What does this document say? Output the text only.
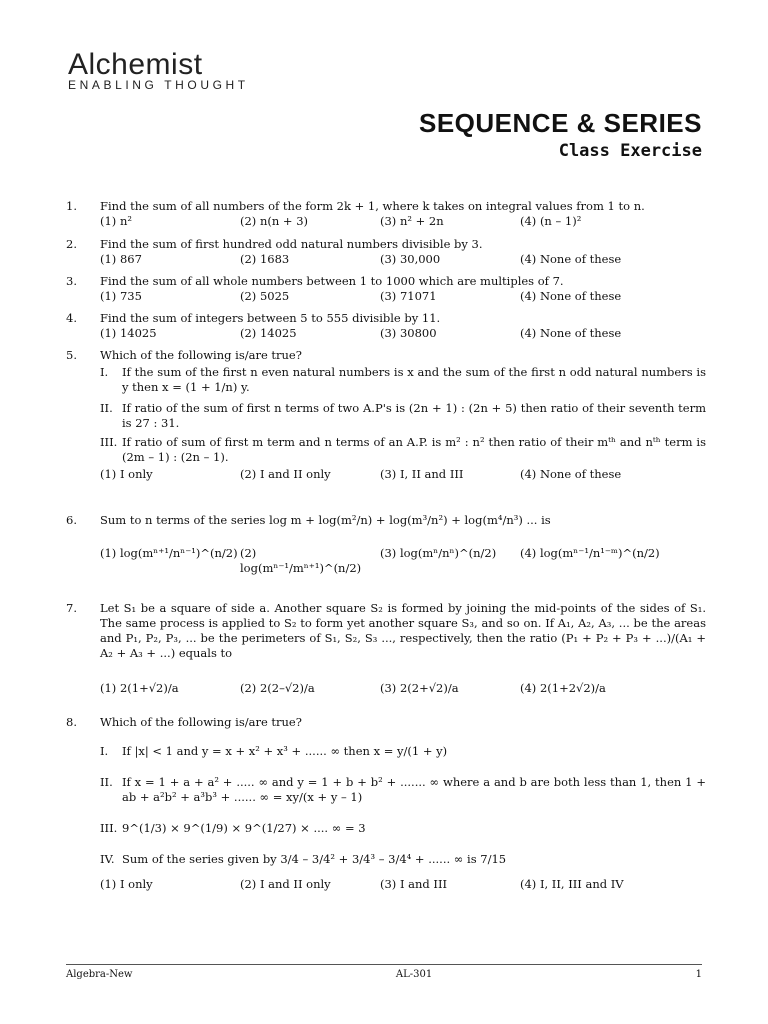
Alchemist
ENABLING THOUGHT
SEQUENCE & SERIES
Class Exercise
1. Find the sum of all numbers of the form 2k + 1, where k takes on integral values from 1 to n.
(1) n²	(2) n(n + 3)	(3) n² + 2n	(4) (n – 1)²
2. Find the sum of first hundred odd natural numbers divisible by 3.
(1) 867	(2) 1683	(3) 30,000	(4) None of these
3. Find the sum of all whole numbers between 1 to 1000 which are multiples of 7.
(1) 735	(2) 5025	(3) 71071	(4) None of these
4. Find the sum of integers between 5 to 555 divisible by 11.
(1) 14025	(2) 14025	(3) 30800	(4) None of these
5. Which of the following is/are true?
I. If the sum of the first n even natural numbers is x and the sum of the first n odd natural numbers is y then x = (1 + 1/n) y.
II. If ratio of the sum of first n terms of two A.P's is (2n + 1) : (2n + 5) then ratio of their seventh term is 27 : 31.
III. If ratio of sum of first m term and n terms of an A.P. is m² : n² then ratio of their mᵗʰ and nᵗʰ term is (2m – 1) : (2n – 1).
(1) I only	(2) I and II only	(3) I, II and III	(4) None of these
6. Sum to n terms of the series log m + log(m²/n) + log(m³/n²) + log(m⁴/n³) ... is
(1) log(mⁿ⁺¹/nⁿ⁻¹)^(n/2) (2) log(mⁿ⁻¹/mⁿ⁺¹)^(n/2)
(3) log(mⁿ/nⁿ)^(n/2)	(4) log(mⁿ⁻¹/n¹⁻ᵐ)^(n/2)
7. Let S₁ be a square of side a. Another square S₂ is formed by joining the mid-points of the sides of S₁. The same process is applied to S₂ to form yet another square S₃, and so on. If A₁, A₂, A₃, ... be the areas and P₁, P₂, P₃, ... be the perimeters of S₁, S₂, S₃ ..., respectively, then the ratio (P₁ + P₂ + P₃ + ...)/(A₁ + A₂ + A₃ + ...) equals to
(1) 2(1+√2)/a	(2) 2(2–√2)/a	(3) 2(2+√2)/a	(4) 2(1+2√2)/a
8. Which of the following is/are true?
I. If |x| < 1 and y = x + x² + x³ + ...... ∞ then x = y/(1 + y)
II. If x = 1 + a + a² + ..... ∞ and y = 1 + b + b² + ....... ∞ where a and b are both less than 1, then 1 + ab + a²b² + a³b³ + ...... ∞ = xy/(x + y – 1)
III. 9^(1/3) × 9^(1/9) × 9^(1/27) × .... ∞ = 3
IV. Sum of the series given by 3/4 – 3/4² + 3/4³ – 3/4⁴ + ...... ∞ is 7/15
(1) I only	(2) I and II only	(3) I and III	(4) I, II, III and IV
Algebra-New	AL-301	1
